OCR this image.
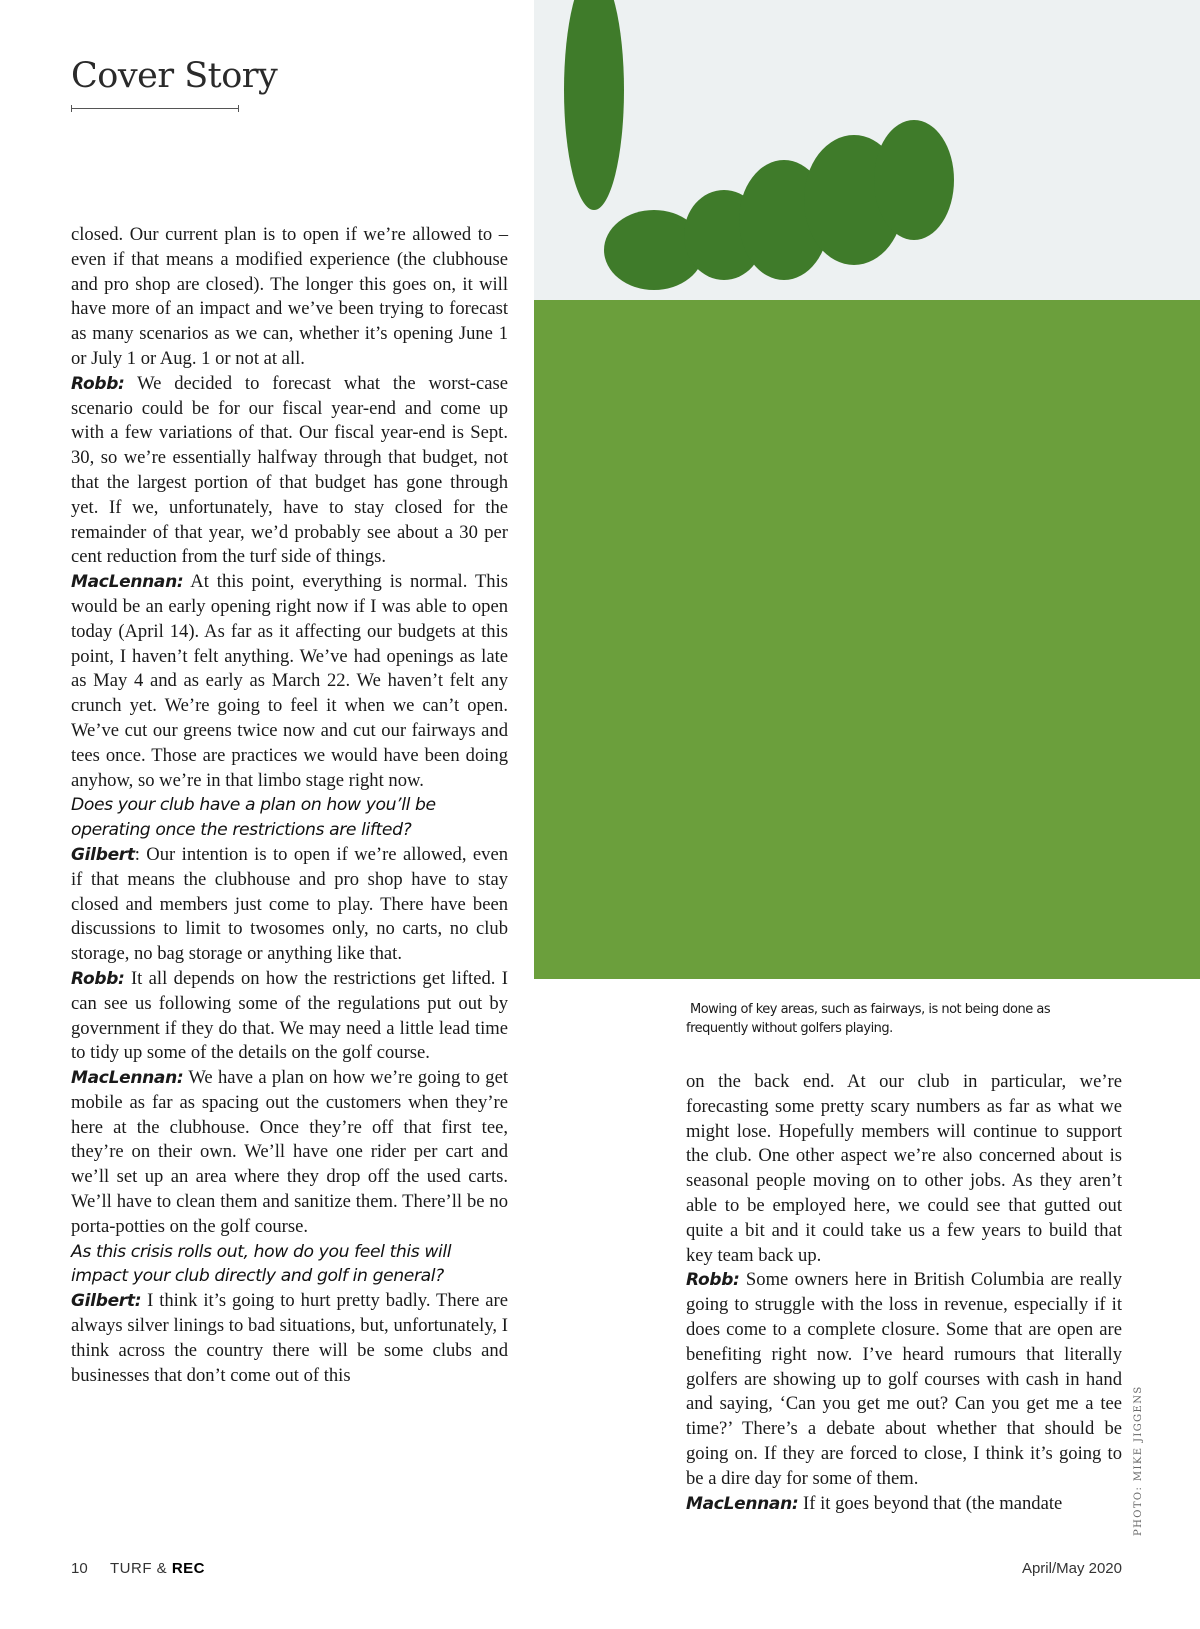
Cover Story

closed. Our current plan is to open if we’re allowed to – even if that means a modified experience (the clubhouse and pro shop are closed). The longer this goes on, it will have more of an impact and we’ve been trying to forecast as many scenarios as we can, whether it’s opening June 1 or July 1 or Aug. 1 or not at all.

Robb: We decided to forecast what the worst-case scenario could be for our fiscal year-end and come up with a few variations of that. Our fiscal year-end is Sept. 30, so we’re essentially halfway through that budget, not that the largest portion of that budget has gone through yet. If we, unfortunately, have to stay closed for the remainder of that year, we’d probably see about a 30 per cent reduction from the turf side of things.

MacLennan: At this point, everything is normal. This would be an early opening right now if I was able to open today (April 14). As far as it affecting our budgets at this point, I haven’t felt anything. We’ve had openings as late as May 4 and as early as March 22. We haven’t felt any crunch yet. We’re going to feel it when we can’t open. We’ve cut our greens twice now and cut our fairways and tees once. Those are practices we would have been doing anyhow, so we’re in that limbo stage right now.

Does your club have a plan on how you’ll be operating once the restrictions are lifted?

Gilbert: Our intention is to open if we’re allowed, even if that means the clubhouse and pro shop have to stay closed and members just come to play. There have been discussions to limit to twosomes only, no carts, no club storage, no bag storage or anything like that.

Robb: It all depends on how the restrictions get lifted. I can see us following some of the regulations put out by government if they do that. We may need a little lead time to tidy up some of the details on the golf course.

MacLennan: We have a plan on how we’re going to get mobile as far as spacing out the customers when they’re here at the clubhouse. Once they’re off that first tee, they’re on their own. We’ll have one rider per cart and we’ll set up an area where they drop off the used carts. We’ll have to clean them and sanitize them. There’ll be no porta-potties on the golf course.

As this crisis rolls out, how do you feel this will impact your club directly and golf in general?

Gilbert: I think it’s going to hurt pretty badly. There are always silver linings to bad situations, but, unfortunately, I think across the country there will be some clubs and businesses that don’t come out of this

Mowing of key areas, such as fairways, is not being done as
frequently without golfers playing.

on the back end. At our club in particular, we’re forecasting some pretty scary numbers as far as what we might lose. Hopefully members will continue to support the club. One other aspect we’re also concerned about is seasonal people moving on to other jobs. As they aren’t able to be employed here, we could see that gutted out quite a bit and it could take us a few years to build that key team back up.

Robb: Some owners here in British Columbia are really going to struggle with the loss in revenue, especially if it does come to a complete closure. Some that are open are benefiting right now. I’ve heard rumours that literally golfers are showing up to golf courses with cash in hand and saying, ‘Can you get me out? Can you get me a tee time?’ There’s a debate about whether that should be going on. If they are forced to close, I think it’s going to be a dire day for some of them.

MacLennan: If it goes beyond that (the mandate	PHOTO: MIKE JIGGENS
10 TURF & REC	April/May 2020
